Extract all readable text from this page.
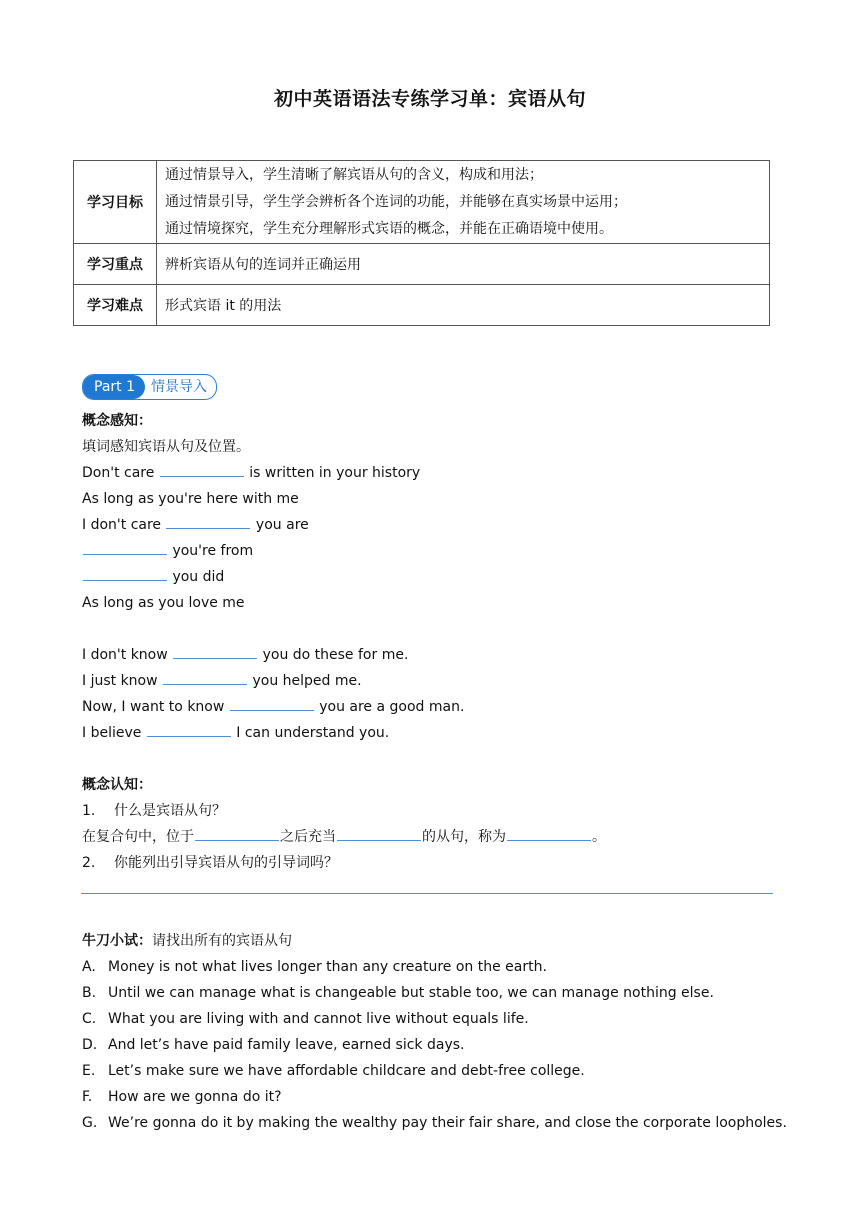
初中英语语法专练学习单：宾语从句
学习目标	通过情景导入，学生清晰了解宾语从句的含义，构成和用法；
通过情景引导，学生学会辨析各个连词的功能，并能够在真实场景中运用；
通过情境探究，学生充分理解形式宾语的概念，并能在正确语境中使用。

学习重点	辨析宾语从句的连词并正确运用
学习难点	形式宾语 it 的用法
Part 1	情景导入
概念感知：
填词感知宾语从句及位置。
Don't care	is written in your history
As long as you're here with me
I don't care	you are
you're from
you did
As long as you love me
I don't know	you do these for me.
I just know	you helped me.
Now, I want to know	you are a good man.
I believe	I can understand you.
概念认知：
1. 什么是宾语从句？
在复合句中，位于	之后充当	的从句，称为	。
2. 你能列出引导宾语从句的引导词吗？
牛刀小试：请找出所有的宾语从句
A. Money is not what lives longer than any creature on the earth.
B. Until we can manage what is changeable but stable too, we can manage nothing else.
C. What you are living with and cannot live without equals life.
D. And let’s have paid family leave, earned sick days.
E. Let’s make sure we have affordable childcare and debt-free college.
F. How are we gonna do it?
G. We’re gonna do it by making the wealthy pay their fair share, and close the corporate loopholes.
